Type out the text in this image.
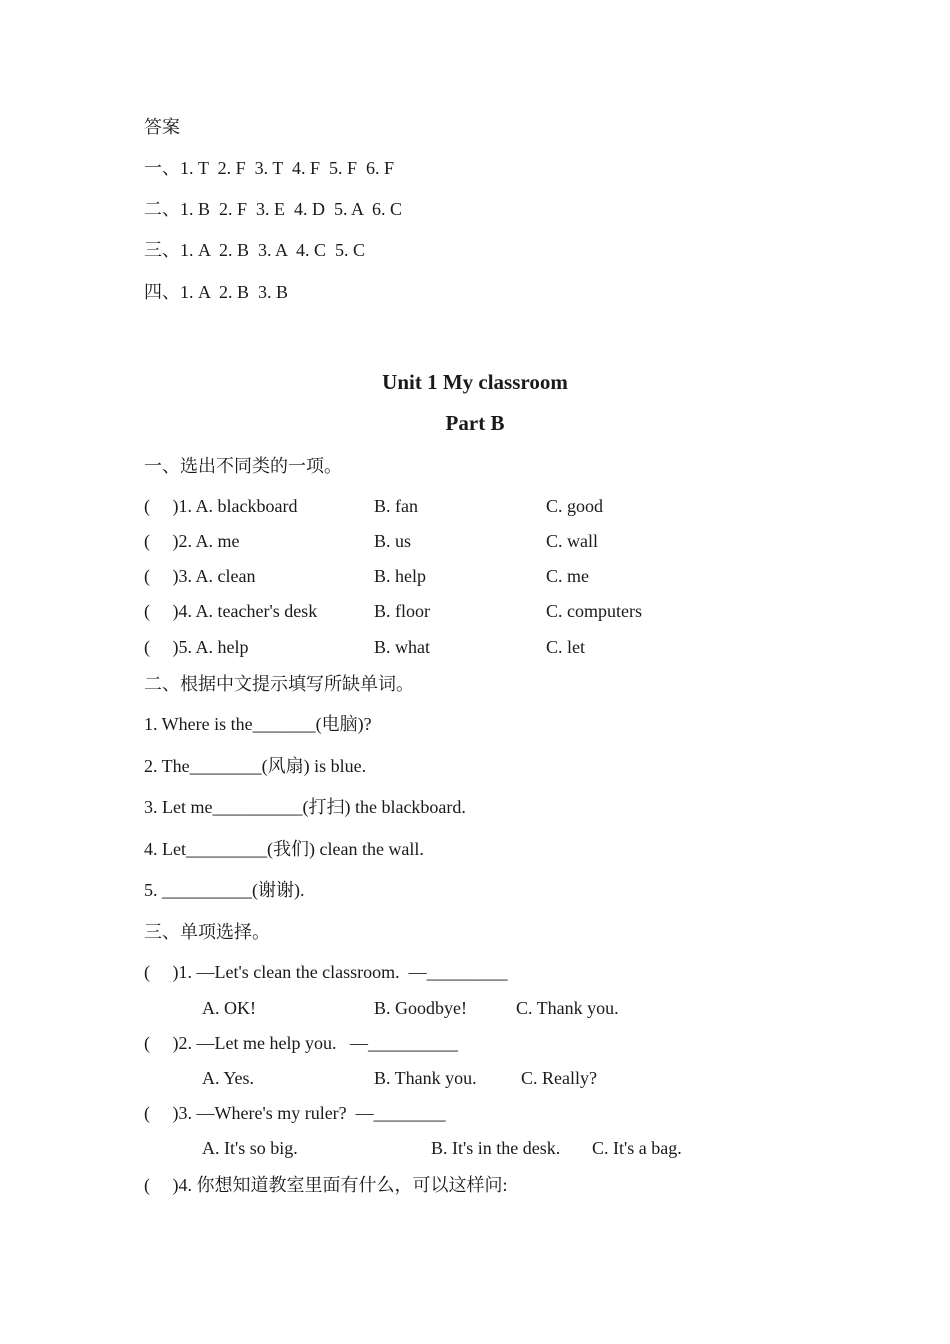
答案
一、1. T  2. F  3. T  4. F  5. F  6. F
二、1. B  2. F  3. E  4. D  5. A  6. C
三、1. A  2. B  3. A  4. C  5. C
四、1. A  2. B  3. B
Unit 1 My classroom
Part B
一、选出不同类的一项。
(     )1. A. blackboard	B. fan	C. good
(     )2. A. me	B. us	C. wall
(     )3. A. clean	B. help	C. me
(     )4. A. teacher's desk	B. floor	C. computers
(     )5. A. help	B. what	C. let
二、根据中文提示填写所缺单词。
1. Where is the_______(电脑)?
2. The________(风扇) is blue.
3. Let me__________(打扫) the blackboard.
4. Let_________(我们) clean the wall.
5. __________(谢谢).
三、单项选择。
(     )1. —Let's clean the classroom.  —_________
A. OK!	B. Goodbye!	C. Thank you.
(     )2. —Let me help you.   —__________
A. Yes.	B. Thank you. C. Really?
(     )3. —Where's my ruler?  —________
A. It's so big.	B. It's in the desk. C. It's a bag.
(     )4. 你想知道教室里面有什么，可以这样问:
